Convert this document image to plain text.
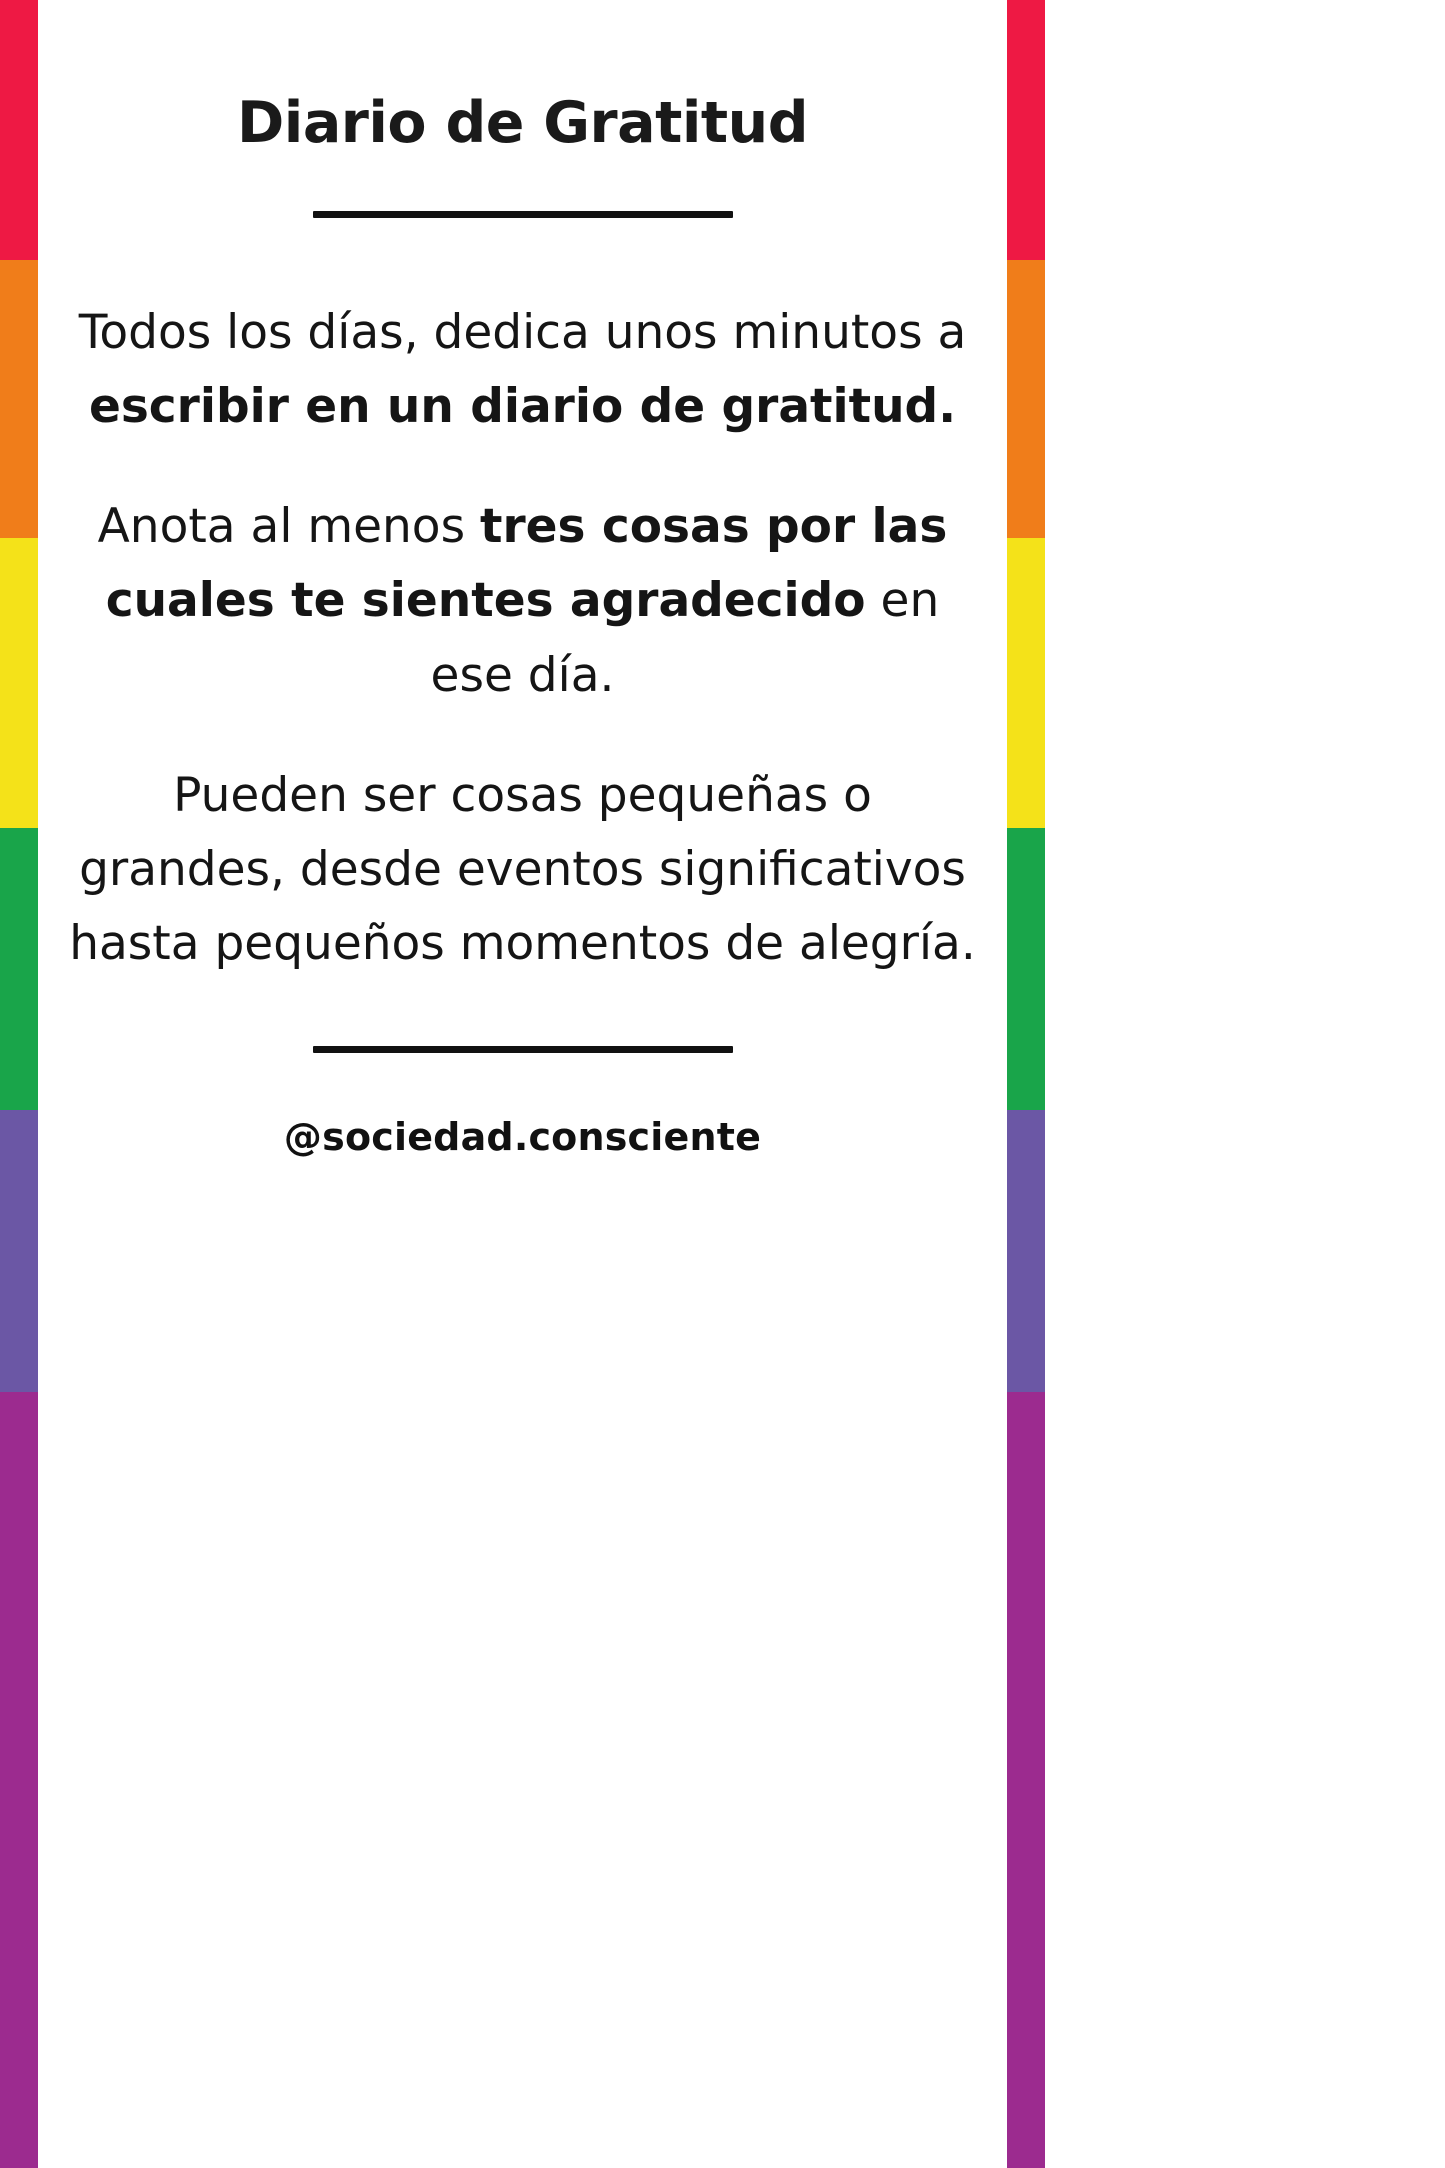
Diario de Gratitud

Todos los días, dedica unos minutos a escribir en un diario de gratitud.

Anota al menos tres cosas por las cuales te sientes agradecido en ese día.

Pueden ser cosas pequeñas o grandes, desde eventos significativos hasta pequeños momentos de alegría.

@sociedad.consciente
